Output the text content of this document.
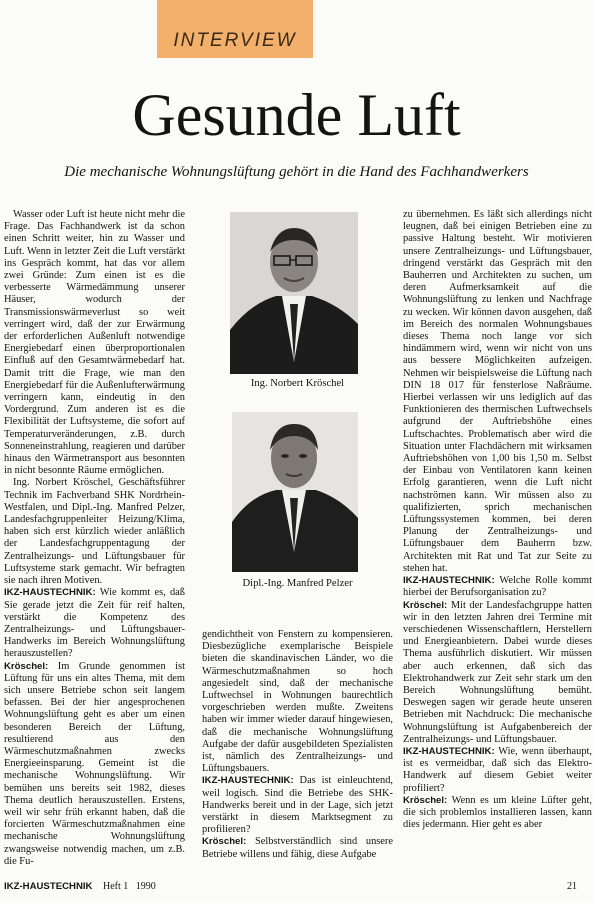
INTERVIEW
Gesunde Luft
Die mechanische Wohnungslüftung gehört in die Hand des Fachhandwerkers

Wasser oder Luft ist heute nicht mehr die Frage. Das Fachhandwerk ist da schon einen Schritt weiter, hin zu Wasser und Luft. Wenn in letzter Zeit die Luft verstärkt ins Gespräch kommt, hat das vor allem zwei Gründe: Zum einen ist es die verbesserte Wärmedämmung unserer Häuser, wodurch der Transmissionswärmeverlust so weit verringert wird, daß der zur Erwärmung der erforderlichen Außenluft notwendige Energiebedarf einen überproportionalen Einfluß auf den Gesamtwärmebedarf hat. Damit tritt die Frage, wie man den Energiebedarf für die Außenlufterwärmung verringern kann, eindeutig in den Vordergrund. Zum anderen ist es die Flexibilität der Luftsysteme, die sofort auf Temperaturveränderungen, z.B. durch Sonneneinstrahlung, reagieren und darüber hinaus den Wärmetransport aus besonnten in nicht besonnte Räume ermöglichen.

Ing. Norbert Kröschel, Geschäftsführer Technik im Fachverband SHK Nordrhein-Westfalen, und Dipl.-Ing. Manfred Pelzer, Landesfachgruppenleiter Heizung/Klima, haben sich erst kürzlich wieder anläßlich der Landesfachgruppentagung der Zentralheizungs- und Lüftungsbauer für Luftsysteme stark gemacht. Wir befragten sie nach ihren Motiven.

IKZ-HAUSTECHNIK: Wie kommt es, daß Sie gerade jetzt die Zeit für reif halten, verstärkt die Kompetenz des Zentralheizungs- und Lüftungsbauer-Handwerks im Bereich Wohnungslüftung herauszustellen?

Kröschel: Im Grunde genommen ist Lüftung für uns ein altes Thema, mit dem sich unsere Betriebe schon seit langem befassen. Bei der hier angesprochenen Wohnungslüftung geht es aber um einen besonderen Bereich der Lüftung, resultierend aus den Wärmeschutzmaßnahmen zwecks Energieeinsparung. Gemeint ist die mechanische Wohnungslüftung. Wir bemühen uns bereits seit 1982, dieses Thema deutlich herauszustellen. Erstens, weil wir sehr früh erkannt haben, daß die forcierten Wärmeschutzmaßnahmen eine mechanische Wohnungslüftung zwangsweise notwendig machen, um z.B. die Fu-

Ing. Norbert Kröschel
Dipl.-Ing. Manfred Pelzer

gendichtheit von Fenstern zu kompensieren. Diesbezügliche exemplarische Beispiele bieten die skandinavischen Länder, wo die Wärmeschutzmaßnahmen so hoch angesiedelt sind, daß der mechanische Luftwechsel in Wohnungen baurechtlich vorgeschrieben werden mußte. Zweitens haben wir immer wieder darauf hingewiesen, daß die mechanische Wohnungslüftung Aufgabe der dafür ausgebildeten Spezialisten ist, nämlich des Zentralheizungs- und Lüftungsbauers.

IKZ-HAUSTECHNIK: Das ist einleuchtend, weil logisch. Sind die Betriebe des SHK-Handwerks bereit und in der Lage, sich jetzt verstärkt in diesem Marktsegment zu profilieren?

Kröschel: Selbstverständlich sind unsere Betriebe willens und fähig, diese Aufgabe

zu übernehmen. Es läßt sich allerdings nicht leugnen, daß bei einigen Betrieben eine zu passive Haltung besteht. Wir motivieren unsere Zentralheizungs- und Lüftungsbauer, dringend verstärkt das Gespräch mit den Bauherren und Architekten zu suchen, um deren Aufmerksamkeit auf die Wohnungslüftung zu lenken und Nachfrage zu wecken. Wir können davon ausgehen, daß im Bereich des normalen Wohnungsbaues dieses Thema noch lange vor sich hindämmern wird, wenn wir nicht von uns aus bessere Möglichkeiten aufzeigen. Nehmen wir beispielsweise die Lüftung nach DIN 18 017 für fensterlose Naßräume. Hierbei verlassen wir uns lediglich auf das Funktionieren des thermischen Luftwechsels aufgrund der Auftriebshöhe eines Luftschachtes. Problematisch aber wird die Situation unter Flachdächern mit wirksamen Auftriebshöhen von 1,00 bis 1,50 m. Selbst der Einbau von Ventilatoren kann keinen Erfolg garantieren, wenn die Luft nicht nachströmen kann. Wir müssen also zu qualifizierten, sprich mechanischen Lüftungssystemen kommen, bei deren Planung der Zentralheizungs- und Lüftungsbauer dem Bauherrn bzw. Architekten mit Rat und Tat zur Seite zu stehen hat.

IKZ-HAUSTECHNIK: Welche Rolle kommt hierbei der Berufsorganisation zu?

Kröschel: Mit der Landesfachgruppe hatten wir in den letzten Jahren drei Termine mit verschiedenen Wissenschaftlern, Herstellern und Energieanbietern. Dabei wurde dieses Thema ausführlich diskutiert. Wir müssen aber auch erkennen, daß sich das Elektrohandwerk zur Zeit sehr stark um den Bereich Wohnungslüftung bemüht. Deswegen sagen wir gerade heute unseren Betrieben mit Nachdruck: Die mechanische Wohnungslüftung ist Aufgabenbereich der Zentralheizungs- und Lüftungsbauer.

IKZ-HAUSTECHNIK: Wie, wenn überhaupt, ist es vermeidbar, daß sich das Elektro-Handwerk auf diesem Gebiet weiter profiliert?

Kröschel: Wenn es um kleine Lüfter geht, die sich problemlos installieren lassen, kann dies jedermann. Hier geht es aber

IKZ-HAUSTECHNIK Heft 1   1990	21
